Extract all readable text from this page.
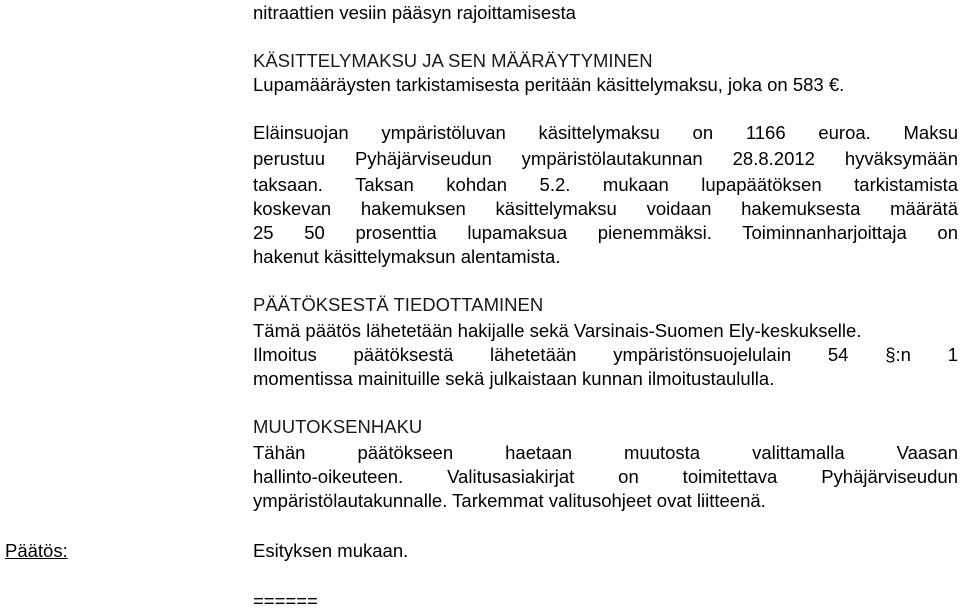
nitraattien vesiin pääsyn rajoittamisesta
KÄSITTELYMAKSU JA SEN MÄÄRÄYTYMINEN
Lupamääräysten tarkistamisesta peritään käsittelymaksu, joka on 583 €.
Eläinsuojan ympäristöluvan käsittelymaksu on 1166 euroa. Maksu
perustuu Pyhäjärviseudun ympäristölautakunnan 28.8.2012 hyväksymään
taksaan. Taksan kohdan 5.2. mukaan lupapäätöksen tarkistamista
koskevan hakemuksen käsittelymaksu voidaan hakemuksesta määrätä
25 50 prosenttia lupamaksua pienemmäksi. Toiminnanharjoittaja on
hakenut käsittelymaksun alentamista.
PÄÄTÖKSESTÄ TIEDOTTAMINEN
Tämä päätös lähetetään hakijalle sekä Varsinais-Suomen Ely-keskukselle.
Ilmoitus päätöksestä lähetetään ympäristönsuojelulain 54 §:n 1
momentissa mainituille sekä julkaistaan kunnan ilmoitustaululla.
MUUTOKSENHAKU
Tähän päätökseen haetaan muutosta valittamalla Vaasan
hallinto-oikeuteen. Valitusasiakirjat on toimitettava Pyhäjärviseudun
ympäristölautakunnalle. Tarkemmat valitusohjeet ovat liitteenä.
Päätös:	Esityksen mukaan.
======
